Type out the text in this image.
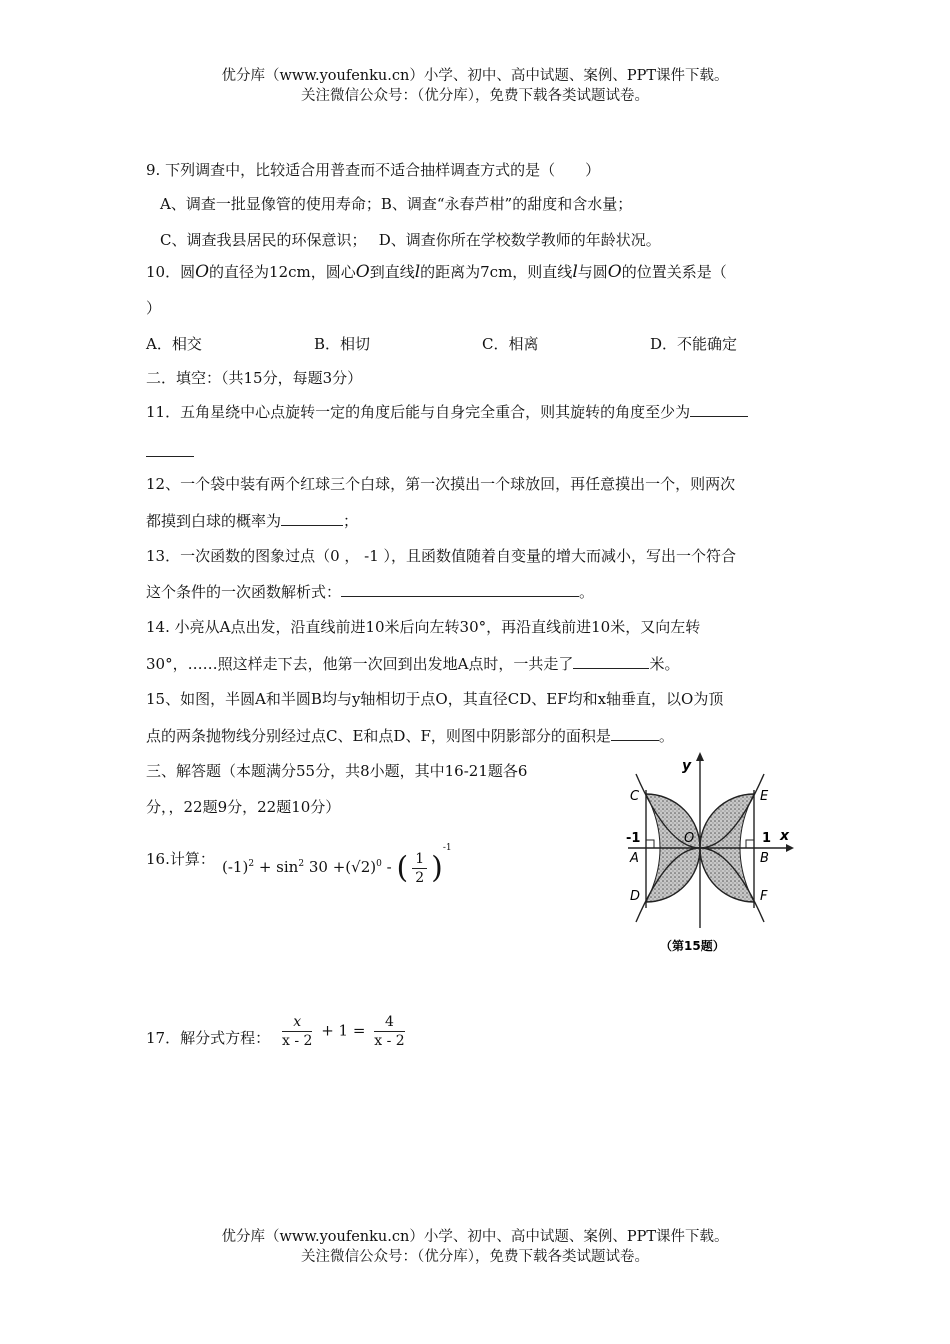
优分库（www.youfenku.cn）小学、初中、高中试题、案例、PPT课件下载。
关注微信公众号：（优分库），免费下载各类试题试卷。
9. 下列调查中，比较适合用普查而不适合抽样调查方式的是（　　）
A、调查一批显像管的使用寿命；B、调查“永春芦柑”的甜度和含水量；
C、调查我县居民的环保意识；　 D、调查你所在学校数学教师的年龄状况。
10．圆O的直径为12cm，圆心O到直线l的距离为7cm，则直线l与圆O的位置关系是（
）
A．相交	B．相切	C．相离	D．不能确定
二．填空：（共15分，每题3分）
11．五角星绕中心点旋转一定的角度后能与自身完全重合，则其旋转的角度至少为
12、一个袋中装有两个红球三个白球，第一次摸出一个球放回，再任意摸出一个，则两次
都摸到白球的概率为	；
13．一次函数的图象过点（0 ， -1 ），且函数值随着自变量的增大而减小，写出一个符合
这个条件的一次函数解析式：	。
14. 小亮从A点出发，沿直线前进10米后向左转30°，再沿直线前进10米，又向左转
30°，……照这样走下去，他第一次回到出发地A点时，一共走了	米。
15、如图，半圆A和半圆B均与y轴相切于点O，其直径CD、EF均和x轴垂直，以O为顶
点的两条抛物线分别经过点C、E和点D、F，则图中阴影部分的面积是	。
三、解答题（本题满分55分，共8小题，其中16-21题各6
分，，22题9分，22题10分）
16.计算： $(-1)^2 + \sin^2 30 +(√2)^0$ - ( $\frac{1}{2} )^{-1}$
17．解分式方程： $\frac{x}{x - 2} + 1 = \frac{4}{x - 2}$
y
x
C	E
O
-1	1
A	B
D	F
（第15题）
优分库（www.youfenku.cn）小学、初中、高中试题、案例、PPT课件下载。
关注微信公众号：（优分库），免费下载各类试题试卷。
